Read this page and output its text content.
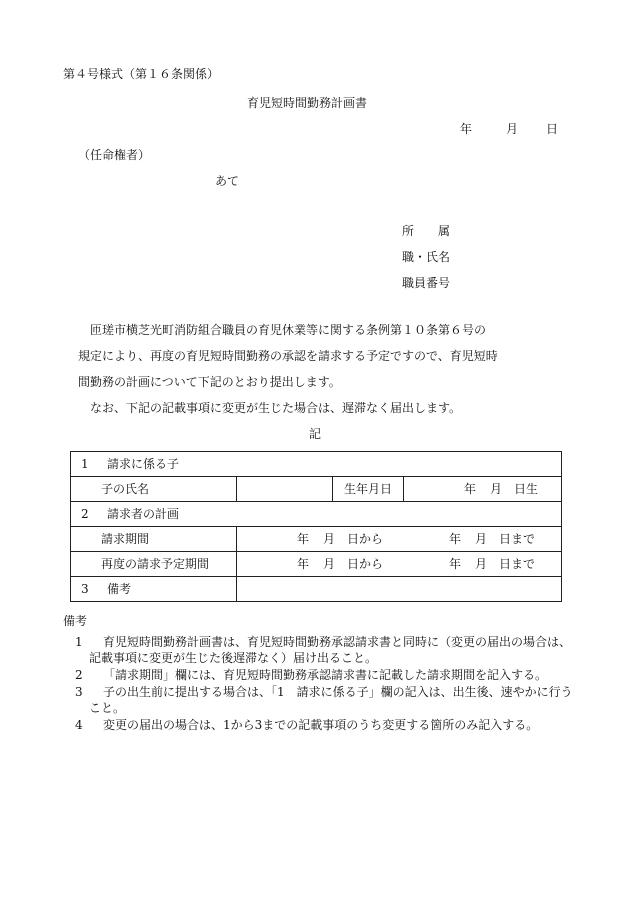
第４号様式（第１６条関係）
育児短時間勤務計画書
年	月 日
（任命権者）
あて
所　　属
職・氏名
職員番号
匝瑳市横芝光町消防組合職員の育児休業等に関する条例第１０条第６号の
規定により、再度の育児短時間勤務の承認を請求する予定ですので、育児短時
間勤務の計画について下記のとおり提出します。
なお、下記の記載事項に変更が生じた場合は、遅滞なく届出します。
記
1 請求に係る子			
子の氏名		生年月日	年 月 日生
2 請求者の計画			
請求期間	年 月 日から 年 月 日まで		
再度の請求予定期間	年 月 日から 年 月 日まで		
3 備考			
備考
1	育児短時間勤務計画書は、育児短時間勤務承認請求書と同時に（変更の届出の場合は、記載事項に変更が生じた後遅滞なく）届け出ること。
2	「請求期間」欄には、育児短時間勤務承認請求書に記載した請求期間を記入する。
3	子の出生前に提出する場合は、「1　請求に係る子」欄の記入は、出生後、速やかに行うこと。
4	変更の届出の場合は、1から3までの記載事項のうち変更する箇所のみ記入する。
